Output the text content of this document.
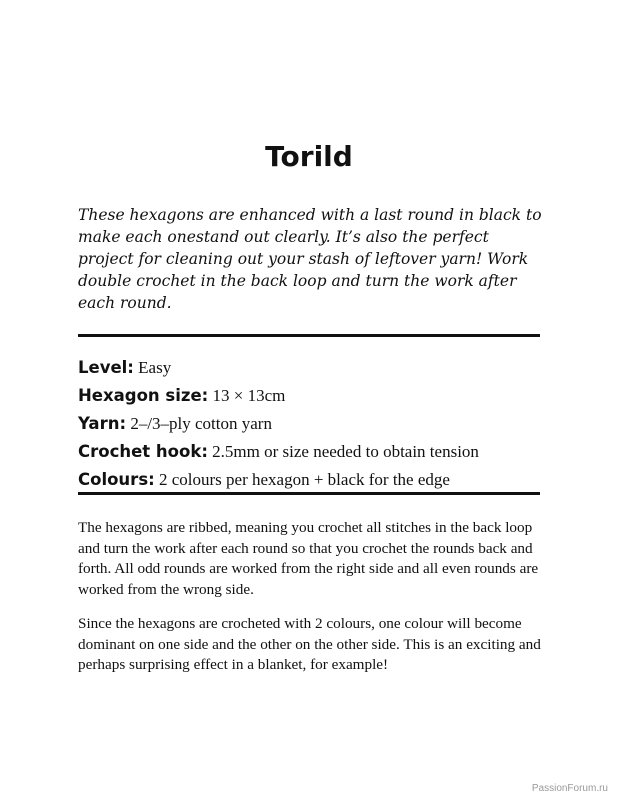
Torild

These hexagons are enhanced with a last round in black to make each onestand out clearly. It’s also the perfect project for cleaning out your stash of leftover yarn! Work double crochet in the back loop and turn the work after each round.

Level: Easy
Hexagon size: 13 × 13cm
Yarn: 2–/3–ply cotton yarn
Crochet hook: 2.5mm or size needed to obtain tension
Colours: 2 colours per hexagon + black for the edge

The hexagons are ribbed, meaning you crochet all stitches in the back loop and turn the work after each round so that you crochet the rounds back and forth. All odd rounds are worked from the right side and all even rounds are worked from the wrong side.

Since the hexagons are crocheted with 2 colours, one colour will become dominant on one side and the other on the other side. This is an exciting and perhaps surprising effect in a blanket, for example!

PassionForum.ru
